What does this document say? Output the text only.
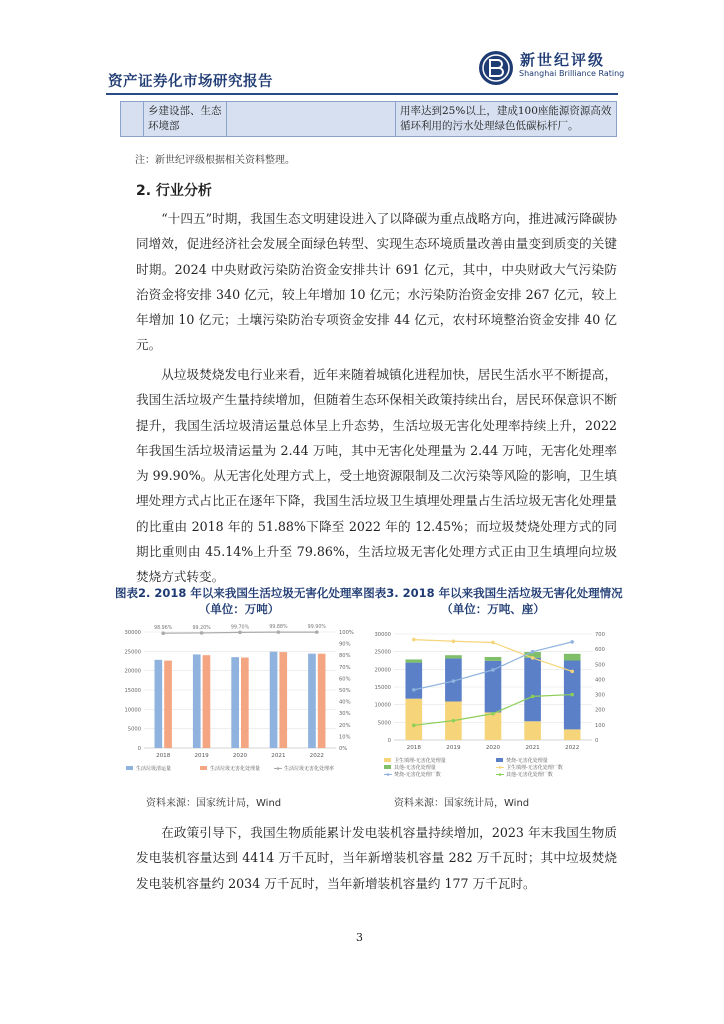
资产证券化市场研究报告
新世纪评级
Shanghai Brilliance Rating
	乡建设部、生态环境部		用率达到25%以上，建成100座能源资源高效循环利用的污水处理绿色低碳标杆厂。
注：新世纪评级根据相关资料整理。
2. 行业分析

“十四五”时期，我国生态文明建设进入了以降碳为重点战略方向，推进减污降碳协同增效，促进经济社会发展全面绿色转型、实现生态环境质量改善由量变到质变的关键时期。2024 中央财政污染防治资金安排共计 691 亿元，其中，中央财政大气污染防治资金将安排 340 亿元，较上年增加 10 亿元；水污染防治资金安排 267 亿元，较上年增加 10 亿元；土壤污染防治专项资金安排 44 亿元，农村环境整治资金安排 40 亿元。

从垃圾焚烧发电行业来看，近年来随着城镇化进程加快，居民生活水平不断提高，我国生活垃圾产生量持续增加，但随着生态环保相关政策持续出台，居民环保意识不断提升，我国生活垃圾清运量总体呈上升态势，生活垃圾无害化处理率持续上升，2022 年我国生活垃圾清运量为 2.44 万吨，其中无害化处理量为 2.44 万吨，无害化处理率为 99.90%。从无害化处理方式上，受土地资源限制及二次污染等风险的影响，卫生填埋处理方式占比正在逐年下降，我国生活垃圾卫生填埋处理量占生活垃圾无害化处理量的比重由 2018 年的 51.88%下降至 2022 年的 12.45%；而垃圾焚烧处理方式的同期比重则由 45.14%上升至 79.86%，生活垃圾无害化处理方式正由卫生填埋向垃圾焚烧方式转变。

图表2. 2018 年以来我国生活垃圾无害化处理率（单位：万吨）
图表3. 2018 年以来我国生活垃圾无害化处理情况（单位：万吨、座）
0
5000
10000
15000
20000
25000
30000
0%
10%
20%
30%
40%
50%
60%
70%
80%
90%
100%
2018	2019	2020	2021	2022
98.96%	99.20%	99.70%	99.88%	99.90%
生活垃圾清运量	生活垃圾无害化处理量	生活垃圾无害化处理率
0
5000
10000
15000
20000
25000
30000
0
100
200
300
400
500
600
700
2018	2019	2020	2021	2022
卫生填埋-无害化处理量	焚烧-无害化处理量
其他-无害化处理量	卫生填埋-无害化处理厂数
焚烧-无害化处理厂数	其他-无害化处理厂数
资料来源：国家统计局，Wind	资料来源：国家统计局，Wind

在政策引导下，我国生物质能累计发电装机容量持续增加，2023 年末我国生物质发电装机容量达到 4414 万千瓦时，当年新增装机容量 282 万千瓦时；其中垃圾焚烧发电装机容量约 2034 万千瓦时，当年新增装机容量约 177 万千瓦时。

3
